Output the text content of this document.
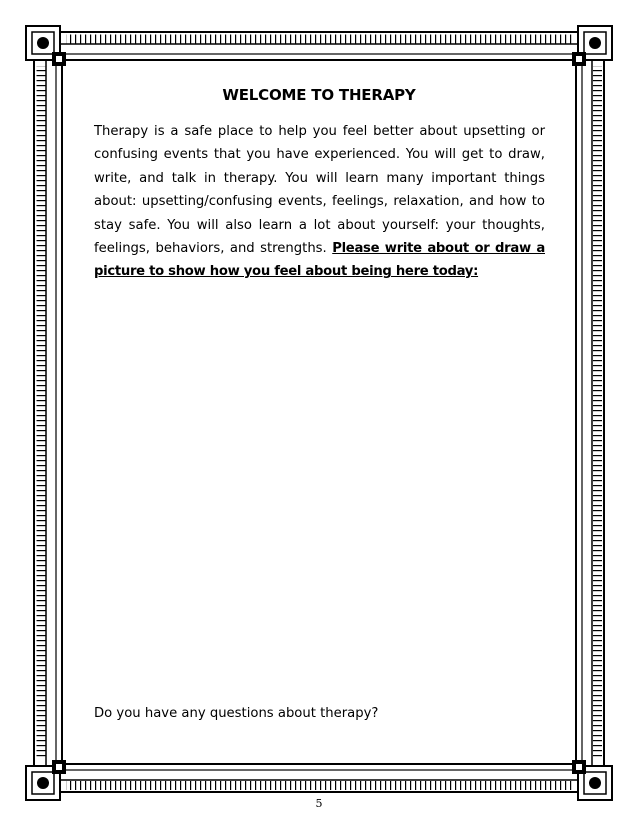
WELCOME TO THERAPY

Therapy is a safe place to help you feel better about upsetting or confusing events that you have experienced. You will get to draw, write, and talk in therapy. You will learn many important things about: upsetting/confusing events, feelings, relaxation, and how to stay safe. You will also learn a lot about yourself: your thoughts, feelings, behaviors, and strengths. Please write about or draw a picture to show how you feel about being here today:

Do you have any questions about therapy?

5
